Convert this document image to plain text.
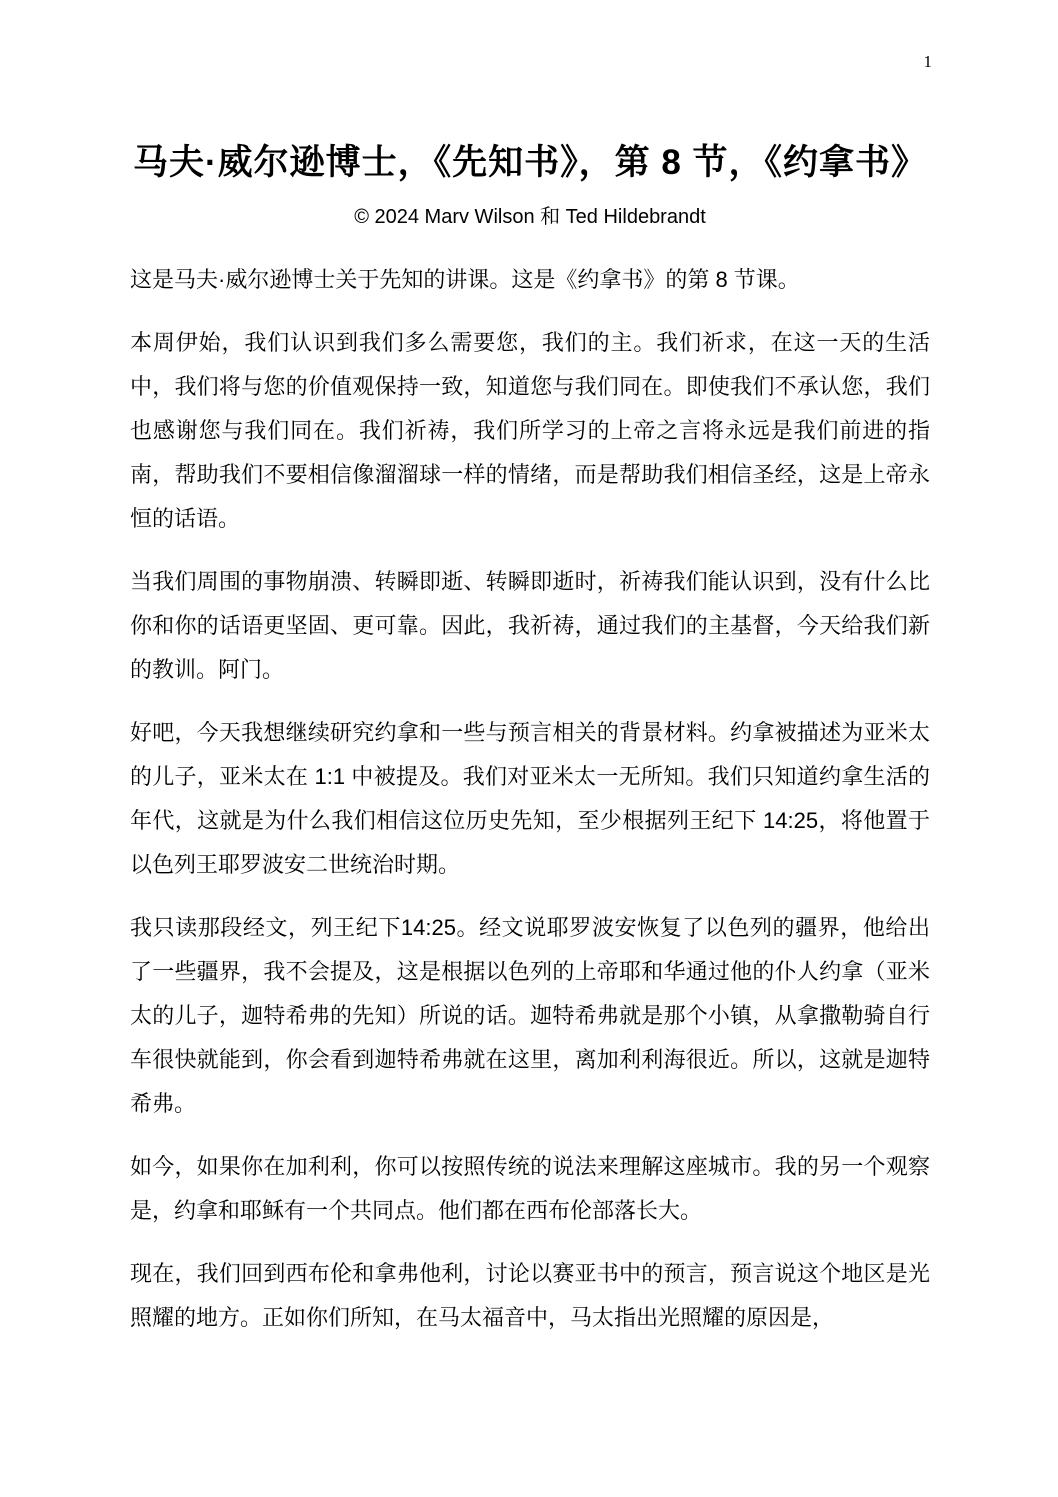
1
马夫·威尔逊博士，《先知书》，第 8 节，《约拿书》
© 2024 Marv Wilson 和 Ted Hildebrandt

这是马夫·威尔逊博士关于先知的讲课。这是《约拿书》的第 8 节课。

本周伊始，我们认识到我们多么需要您，我们的主。我们祈求，在这一天的生活中，我们将与您的价值观保持一致，知道您与我们同在。即使我们不承认您，我们也感谢您与我们同在。我们祈祷，我们所学习的上帝之言将永远是我们前进的指南，帮助我们不要相信像溜溜球一样的情绪，而是帮助我们相信圣经，这是上帝永恒的话语。

当我们周围的事物崩溃、转瞬即逝、转瞬即逝时，祈祷我们能认识到，没有什么比你和你的话语更坚固、更可靠。因此，我祈祷，通过我们的主基督，今天给我们新的教训。阿门。

好吧，今天我想继续研究约拿和一些与预言相关的背景材料。约拿被描述为亚米太的儿子，亚米太在 1:1 中被提及。我们对亚米太一无所知。我们只知道约拿生活的年代，这就是为什么我们相信这位历史先知，至少根据列王纪下 14:25，将他置于以色列王耶罗波安二世统治时期。

我只读那段经文，列王纪下14:25。经文说耶罗波安恢复了以色列的疆界，他给出了一些疆界，我不会提及，这是根据以色列的上帝耶和华通过他的仆人约拿（亚米太的儿子，迦特希弗的先知）所说的话。迦特希弗就是那个小镇，从拿撒勒骑自行车很快就能到，你会看到迦特希弗就在这里，离加利利海很近。所以，这就是迦特希弗。

如今，如果你在加利利，你可以按照传统的说法来理解这座城市。我的另一个观察是，约拿和耶稣有一个共同点。他们都在西布伦部落长大。

现在，我们回到西布伦和拿弗他利，讨论以赛亚书中的预言，预言说这个地区是光照耀的地方。正如你们所知，在马太福音中，马太指出光照耀的原因是，
